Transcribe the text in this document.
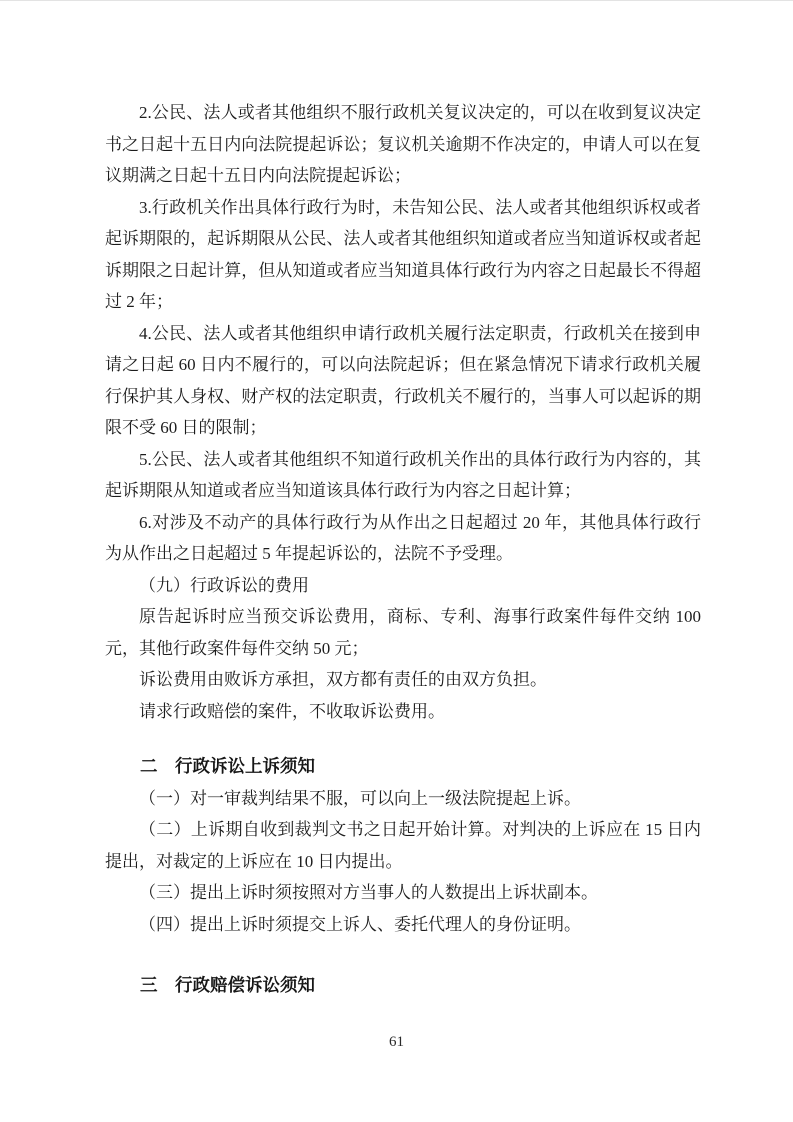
2.公民、法人或者其他组织不服行政机关复议决定的，可以在收到复议决定书之日起十五日内向法院提起诉讼；复议机关逾期不作决定的，申请人可以在复议期满之日起十五日内向法院提起诉讼；

3.行政机关作出具体行政行为时，未告知公民、法人或者其他组织诉权或者起诉期限的，起诉期限从公民、法人或者其他组织知道或者应当知道诉权或者起诉期限之日起计算，但从知道或者应当知道具体行政行为内容之日起最长不得超过 2 年；

4.公民、法人或者其他组织申请行政机关履行法定职责，行政机关在接到申请之日起 60 日内不履行的，可以向法院起诉；但在紧急情况下请求行政机关履行保护其人身权、财产权的法定职责，行政机关不履行的，当事人可以起诉的期限不受 60 日的限制；

5.公民、法人或者其他组织不知道行政机关作出的具体行政行为内容的，其起诉期限从知道或者应当知道该具体行政行为内容之日起计算；

6.对涉及不动产的具体行政行为从作出之日起超过 20 年，其他具体行政行为从作出之日起超过 5 年提起诉讼的，法院不予受理。

（九）行政诉讼的费用

原告起诉时应当预交诉讼费用，商标、专利、海事行政案件每件交纳 100 元，其他行政案件每件交纳 50 元；

诉讼费用由败诉方承担，双方都有责任的由双方负担。

请求行政赔偿的案件，不收取诉讼费用。

二　行政诉讼上诉须知

（一）对一审裁判结果不服，可以向上一级法院提起上诉。

（二）上诉期自收到裁判文书之日起开始计算。对判决的上诉应在 15 日内提出，对裁定的上诉应在 10 日内提出。

（三）提出上诉时须按照对方当事人的人数提出上诉状副本。

（四）提出上诉时须提交上诉人、委托代理人的身份证明。

三　行政赔偿诉讼须知
61
